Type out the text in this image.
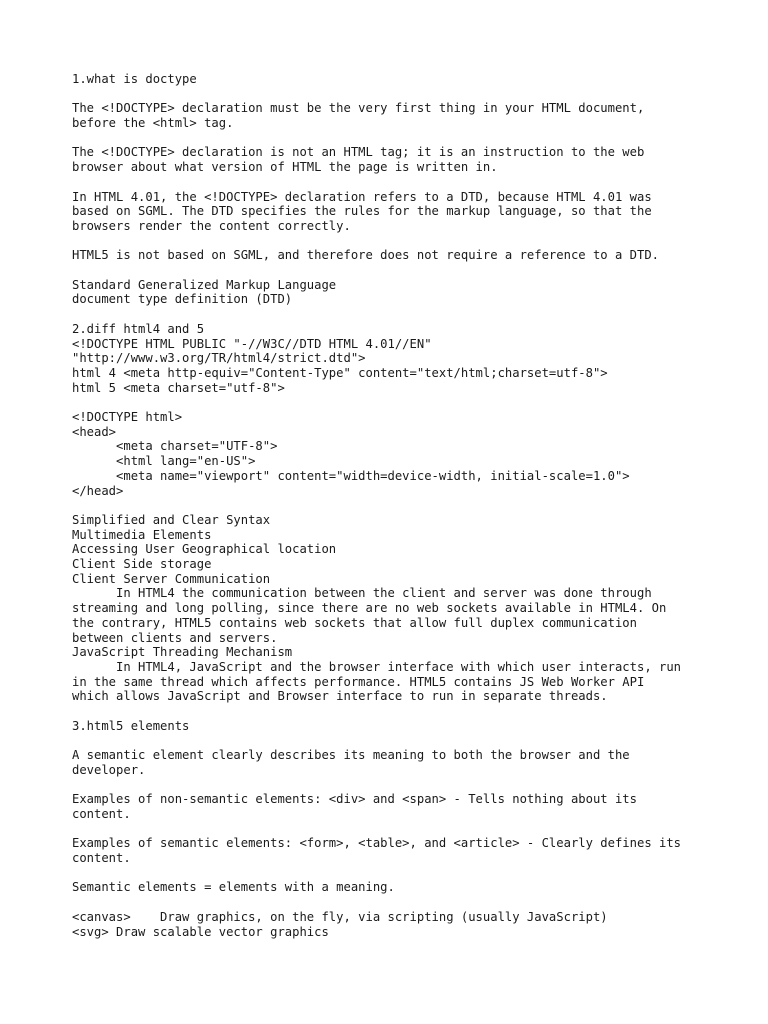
1.what is doctype
The <!DOCTYPE> declaration must be the very first thing in your HTML document,
before the <html> tag.
The <!DOCTYPE> declaration is not an HTML tag; it is an instruction to the web
browser about what version of HTML the page is written in.
In HTML 4.01, the <!DOCTYPE> declaration refers to a DTD, because HTML 4.01 was
based on SGML. The DTD specifies the rules for the markup language, so that the
browsers render the content correctly.
HTML5 is not based on SGML, and therefore does not require a reference to a DTD.
Standard Generalized Markup Language
document type definition (DTD)
2.diff html4 and 5
<!DOCTYPE HTML PUBLIC "-//W3C//DTD HTML 4.01//EN"
"http://www.w3.org/TR/html4/strict.dtd">
html 4 <meta http-equiv="Content-Type" content="text/html;charset=utf-8">
html 5 <meta charset="utf-8">
<!DOCTYPE html>
<head>
<meta charset="UTF-8">
<html lang="en-US">
<meta name="viewport" content="width=device-width, initial-scale=1.0">
</head>
Simplified and Clear Syntax
Multimedia Elements
Accessing User Geographical location
Client Side storage
Client Server Communication
In HTML4 the communication between the client and server was done through
streaming and long polling, since there are no web sockets available in HTML4. On
the contrary, HTML5 contains web sockets that allow full duplex communication
between clients and servers.
JavaScript Threading Mechanism
In HTML4, JavaScript and the browser interface with which user interacts, run
in the same thread which affects performance. HTML5 contains JS Web Worker API
which allows JavaScript and Browser interface to run in separate threads.
3.html5 elements
A semantic element clearly describes its meaning to both the browser and the
developer.
Examples of non-semantic elements: <div> and <span> - Tells nothing about its
content.
Examples of semantic elements: <form>, <table>, and <article> - Clearly defines its
content.
Semantic elements = elements with a meaning.
<canvas>    Draw graphics, on the fly, via scripting (usually JavaScript)
<svg> Draw scalable vector graphics
